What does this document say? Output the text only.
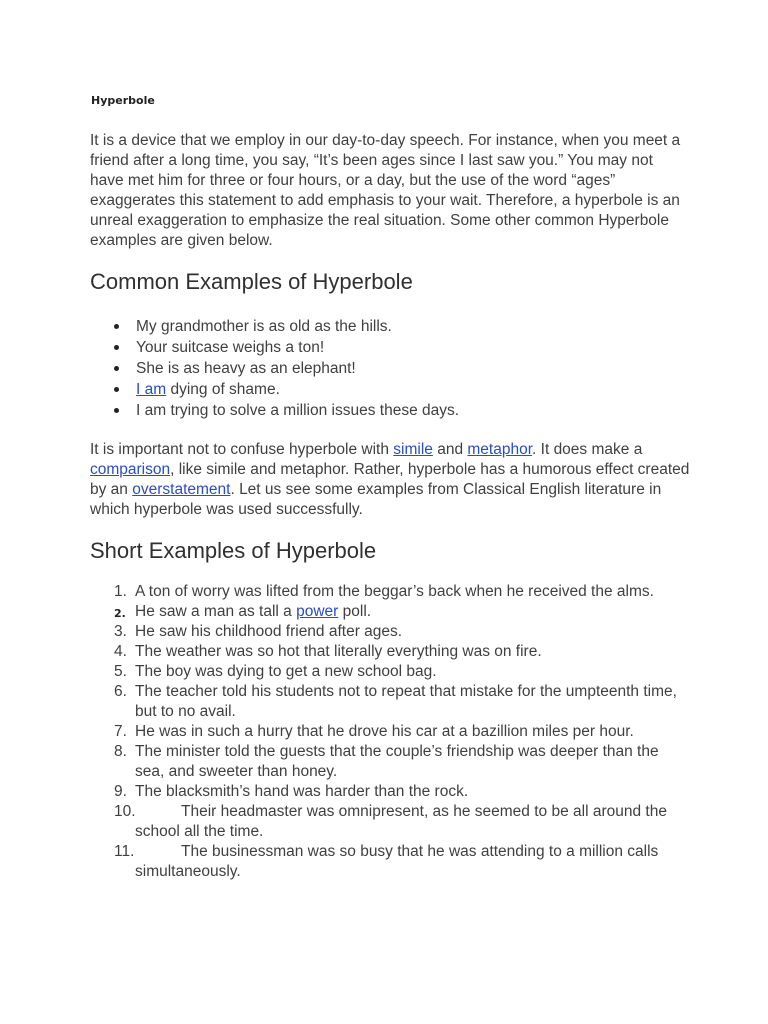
Hyperbole

It is a device that we employ in our day-to-day speech. For instance, when you meet a friend after a long time, you say, “It’s been ages since I last saw you.” You may not have met him for three or four hours, or a day, but the use of the word “ages” exaggerates this statement to add emphasis to your wait. Therefore, a hyperbole is an unreal exaggeration to emphasize the real situation. Some other common Hyperbole examples are given below.

Common Examples of Hyperbole
My grandmother is as old as the hills.
Your suitcase weighs a ton!
She is as heavy as an elephant!
I am dying of shame.
I am trying to solve a million issues these days.

It is important not to confuse hyperbole with simile and metaphor. It does make a comparison, like simile and metaphor. Rather, hyperbole has a humorous effect created by an overstatement. Let us see some examples from Classical English literature in which hyperbole was used successfully.

Short Examples of Hyperbole
1. A ton of worry was lifted from the beggar’s back when he received the alms.
2. He saw a man as tall a power poll.
3. He saw his childhood friend after ages.
4. The weather was so hot that literally everything was on fire.
5. The boy was dying to get a new school bag.
6. The teacher told his students not to repeat that mistake for the umpteenth time, but to no avail.
7. He was in such a hurry that he drove his car at a bazillion miles per hour.
8. The minister told the guests that the couple’s friendship was deeper than the sea, and sweeter than honey.
9. The blacksmith’s hand was harder than the rock.
10.	Their headmaster was omnipresent, as he seemed to be all around the school all the time.
11.	The businessman was so busy that he was attending to a million calls simultaneously.
